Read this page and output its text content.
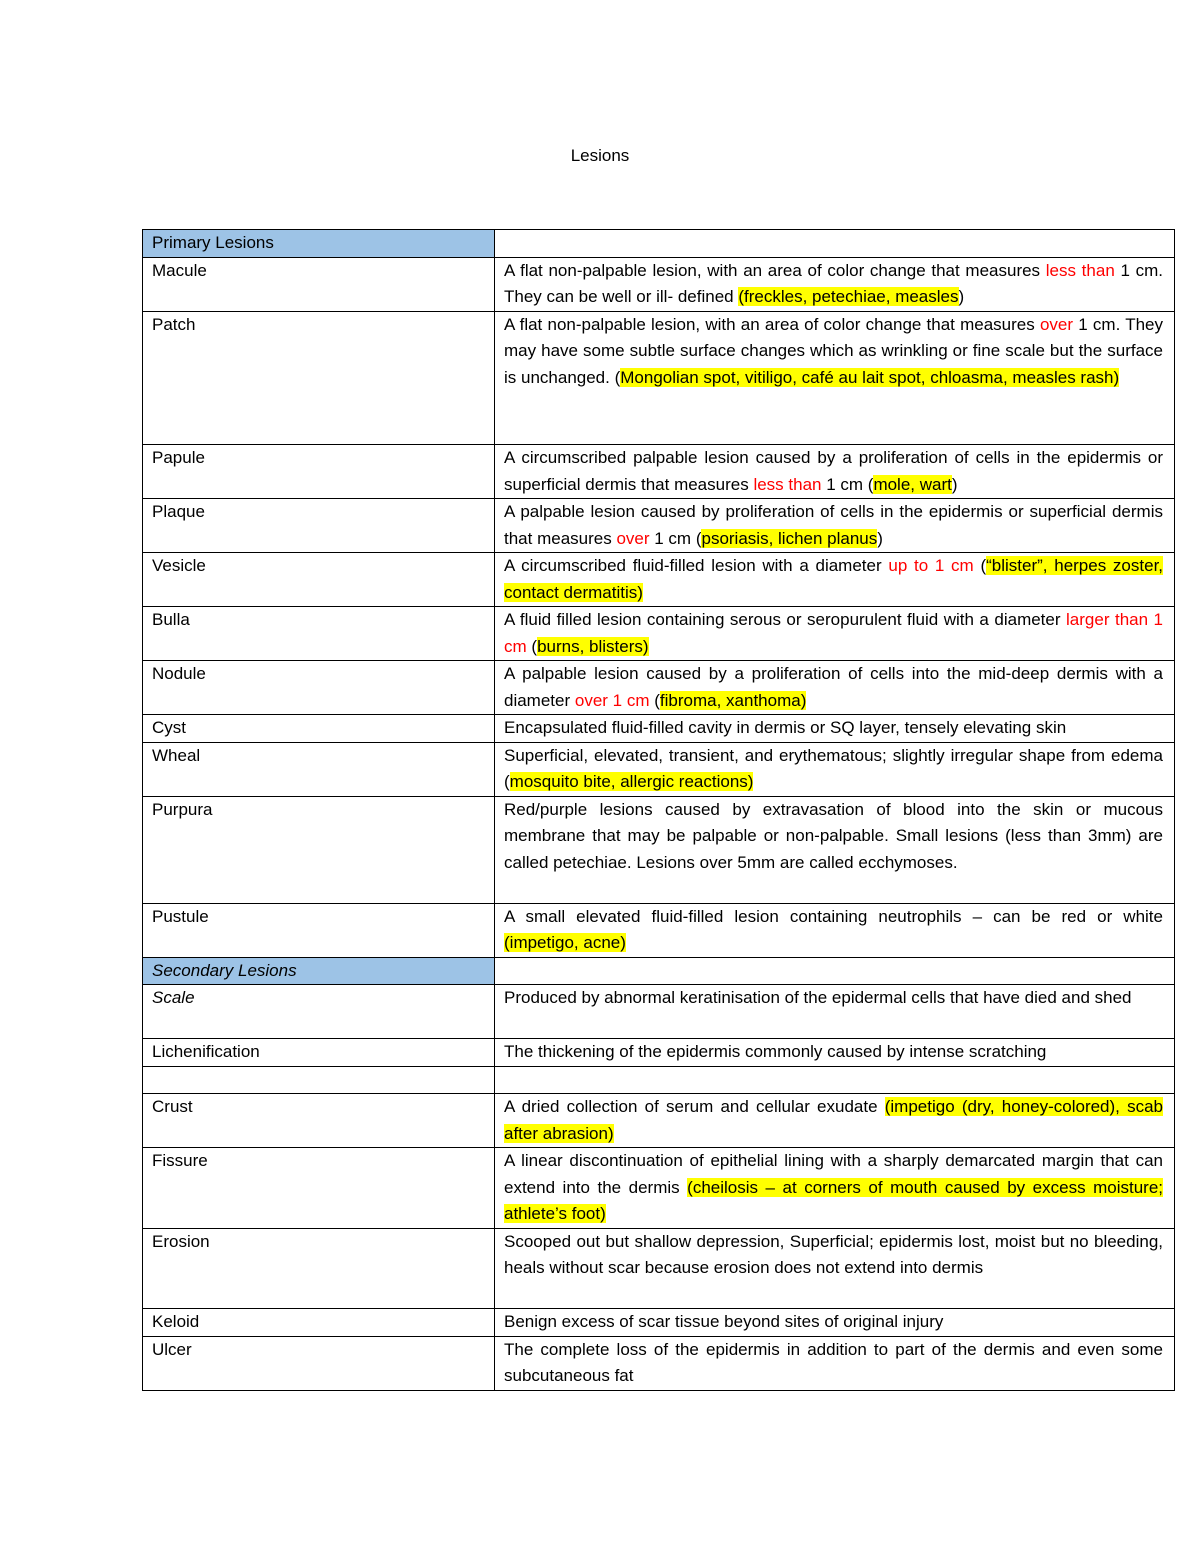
Lesions
Primary Lesions	
Macule	A flat non-palpable lesion, with an area of color change that measures less than 1 cm. They can be well or ill- defined (freckles, petechiae, measles)
Patch	A flat non-palpable lesion, with an area of color change that measures over 1 cm. They may have some subtle surface changes which as wrinkling or fine scale but the surface is unchanged. (Mongolian spot, vitiligo, café au lait spot, chloasma, measles rash)
Papule	A circumscribed palpable lesion caused by a proliferation of cells in the epidermis or superficial dermis that measures less than 1 cm (mole, wart)
Plaque	A palpable lesion caused by proliferation of cells in the epidermis or superficial dermis that measures over 1 cm (psoriasis, lichen planus)
Vesicle	A circumscribed fluid-filled lesion with a diameter up to 1 cm (“blister”, herpes zoster, contact dermatitis)
Bulla	A fluid filled lesion containing serous or seropurulent fluid with a diameter larger than 1 cm (burns, blisters)
Nodule	A palpable lesion caused by a proliferation of cells into the mid-deep dermis with a diameter over 1 cm (fibroma, xanthoma)
Cyst	Encapsulated fluid-filled cavity in dermis or SQ layer, tensely elevating skin
Wheal	Superficial, elevated, transient, and erythematous; slightly irregular shape from edema (mosquito bite, allergic reactions)
Purpura	Red/purple lesions caused by extravasation of blood into the skin or mucous membrane that may be palpable or non-palpable. Small lesions (less than 3mm) are called petechiae. Lesions over 5mm are called ecchymoses.
Pustule	A small elevated fluid-filled lesion containing neutrophils – can be red or white (impetigo, acne)
Secondary Lesions	
Scale	Produced by abnormal keratinisation of the epidermal cells that have died and shed
Lichenification	The thickening of the epidermis commonly caused by intense scratching

Crust	A dried collection of serum and cellular exudate (impetigo (dry, honey-colored), scab after abrasion)
Fissure	A linear discontinuation of epithelial lining with a sharply demarcated margin that can extend into the dermis (cheilosis – at corners of mouth caused by excess moisture; athlete’s foot)
Erosion	Scooped out but shallow depression, Superficial; epidermis lost, moist but no bleeding, heals without scar because erosion does not extend into dermis
Keloid	Benign excess of scar tissue beyond sites of original injury
Ulcer	The complete loss of the epidermis in addition to part of the dermis and even some subcutaneous fat
